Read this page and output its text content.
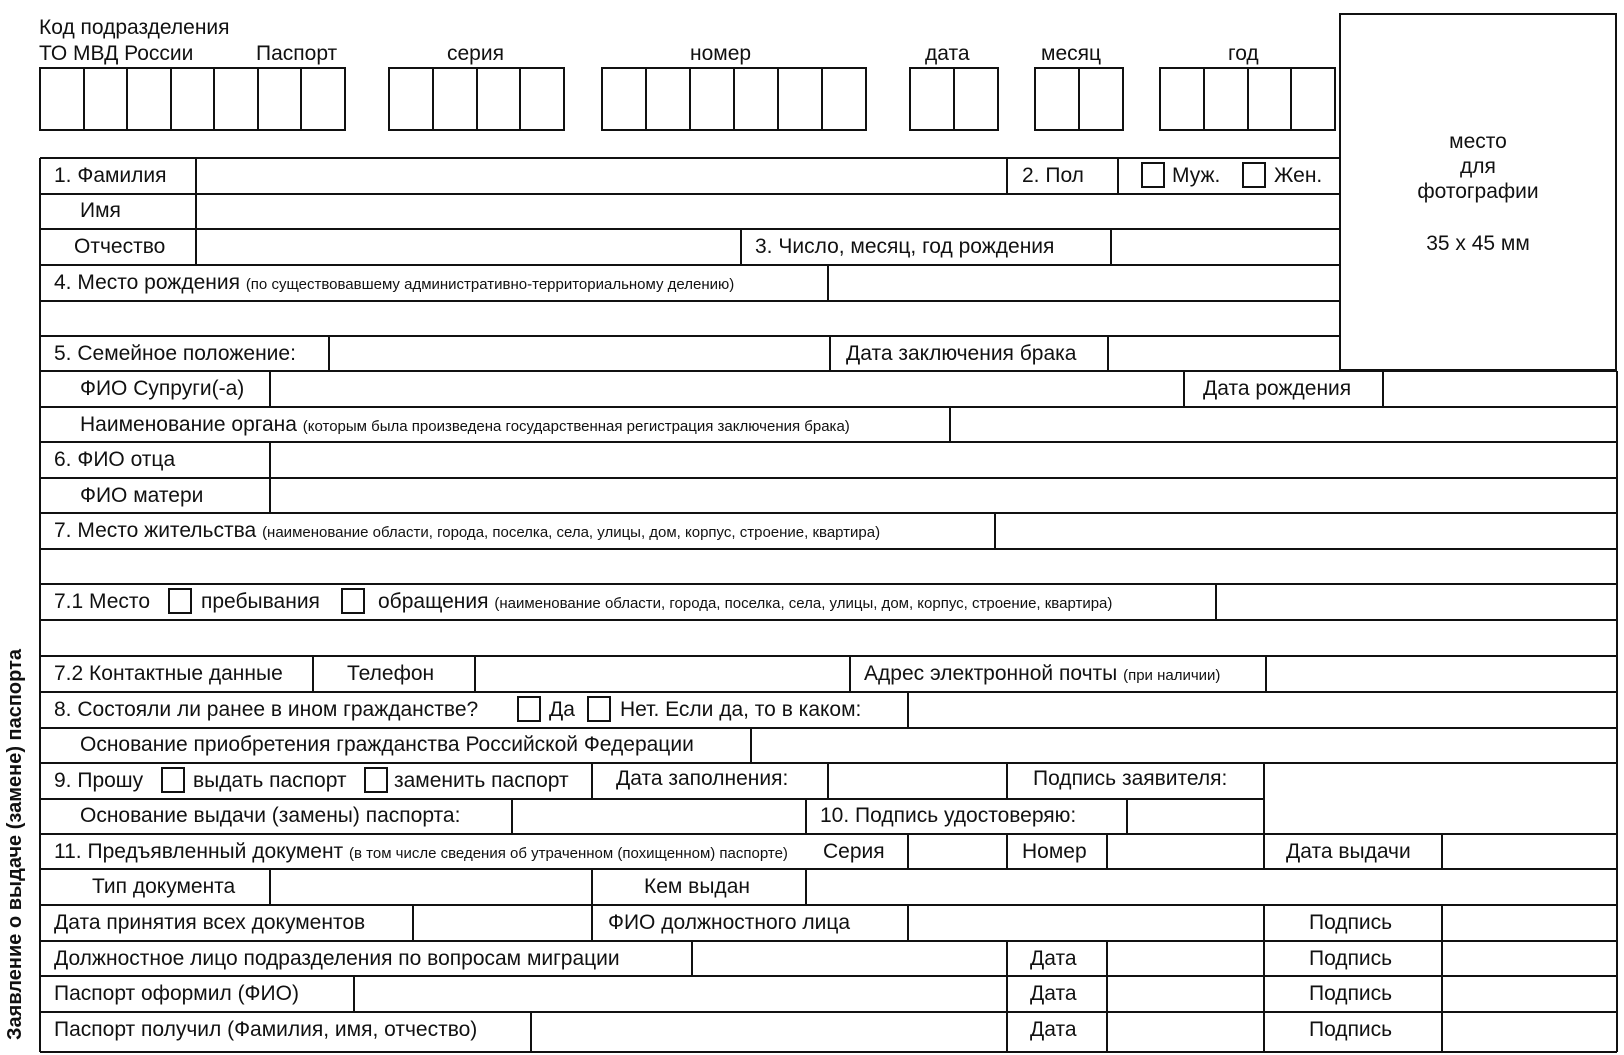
Заявление о выдаче (замене) паспорта
Код подразделения
ТО МВД России	Паспорт	серия	номер	дата	месяц	год
место
для
фотографии
35 х 45 мм
1. Фамилия	2. Пол	Муж.	Жен.
Имя
Отчество	3. Число, месяц, год рождения
4. Место рождения (по существовавшему административно-территориальному делению)
5. Семейное положение:	Дата заключения брака
ФИО Супруги(-а)	Дата рождения
Наименование органа (которым была произведена государственная регистрация заключения брака)
6. ФИО отца
ФИО матери
7. Место жительства (наименование области, города, поселка, села, улицы, дом, корпус, строение, квартира)
7.1 Место пребывания	обращения (наименование области, города, поселка, села, улицы, дом, корпус, строение, квартира)
7.2 Контактные данные	Телефон	Адрес электронной почты (при наличии)
8. Состояли ли ранее в ином гражданстве?	Да Нет. Если да, то в каком:
Основание приобретения гражданства Российской Федерации
9. Прошу выдать паспорт заменить паспорт Дата заполнения:	Подпись заявителя:
Основание выдачи (замены) паспорта:	10. Подпись удостоверяю:
11. Предъявленный документ (в том числе сведения об утраченном (похищенном) паспорте) Серия	Номер	Дата выдачи
Тип документа	Кем выдан
Дата принятия всех документов	ФИО должностного лица	Подпись
Должностное лицо подразделения по вопросам миграции	Дата	Подпись
Паспорт оформил (ФИО)	Дата	Подпись
Паспорт получил (Фамилия, имя, отчество)	Дата	Подпись
